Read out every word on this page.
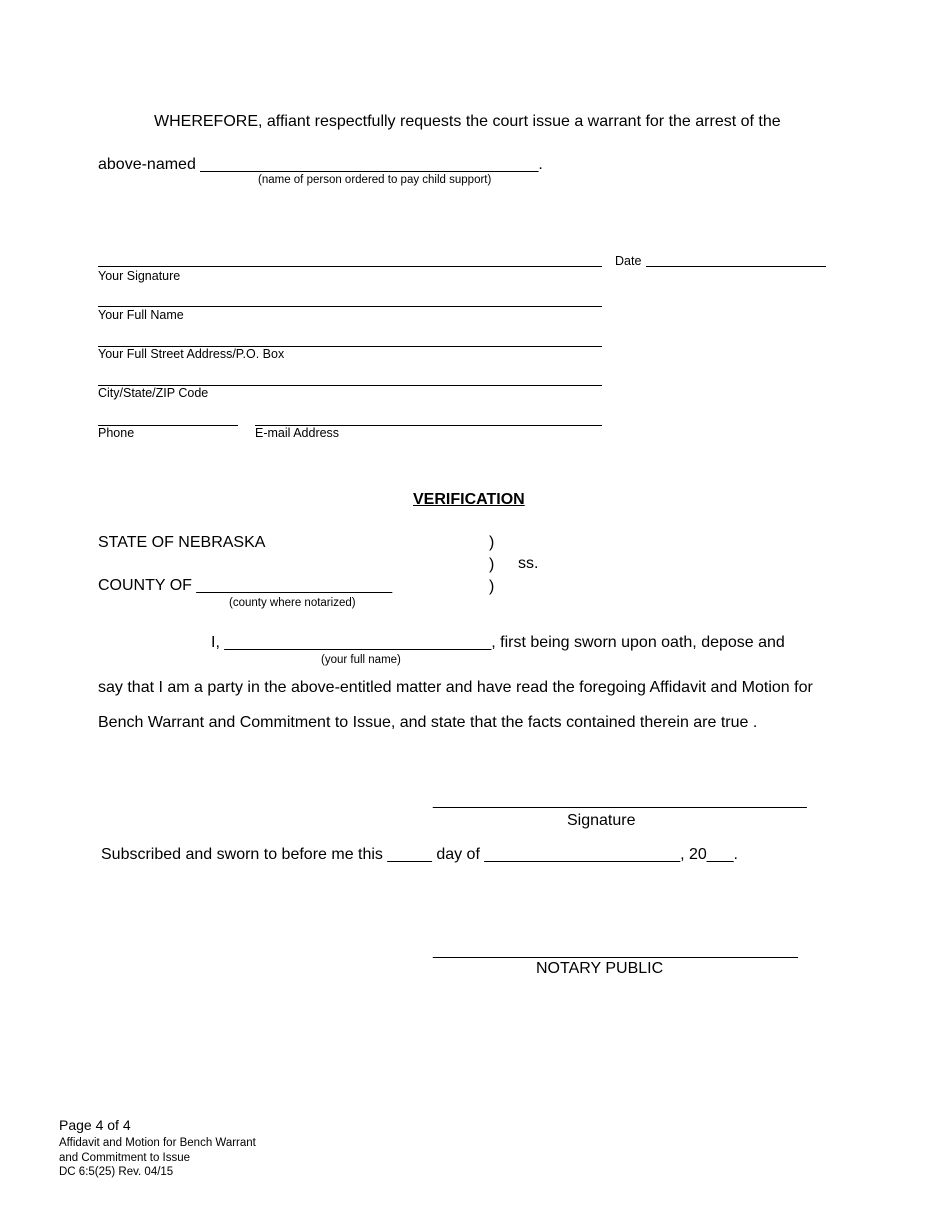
WHEREFORE, affiant respectfully requests the court issue a warrant for the arrest of the
above-named ______________________________________.
(name of person ordered to pay child support)
Your Signature
Date
Your Full Name
Your Full Street Address/P.O. Box
City/State/ZIP Code
Phone	E-mail Address
VERIFICATION
STATE OF NEBRASKA	)
) ss.
COUNTY OF ______________________	)
(county where notarized)
I, ______________________________, first being sworn upon oath, depose and
(your full name)
say that I am a party in the above-entitled matter and have read the foregoing Affidavit and Motion for
Bench Warrant and Commitment to Issue, and state that the facts contained therein are true .
__________________________________________
Signature
Subscribed and sworn to before me this _____ day of ______________________, 20___.
_________________________________________
NOTARY PUBLIC
Page 4 of 4
Affidavit and Motion for Bench Warrant
and Commitment to Issue
DC 6:5(25) Rev. 04/15
